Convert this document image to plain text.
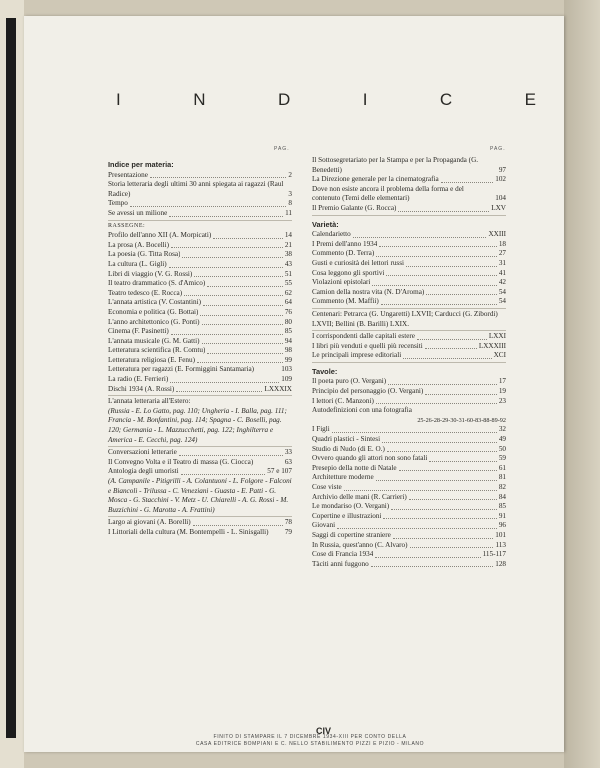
I	N	D	I	C	E
PAG.	PAG.
Indice per materia:
Presentazione	2
Storia letteraria degli ultimi 30 anni spiegata ai ragazzi (Raul Radice)	3
Tempo	8
Se avessi un milione	11
RASSEGNE:
Profilo dell'anno XII (A. Morpicati)	14
La prosa (A. Bocelli)	21
La poesia (G. Titta Rosa)	38
La cultura (L. Gigli)	43
Libri di viaggio (V. G. Rossi)	51
Il teatro drammatico (S. d'Amico)	55
Teatro tedesco (E. Rocca)	62
L'annata artistica (V. Costantini)	64
Economia e politica (G. Bottai)	76
L'anno architettonico (G. Ponti)	80
Cinema (F. Pasinetti)	85
L'annata musicale (G. M. Gatti)	94
Letteratura scientifica (R. Comtu)	98
Letteratura religiosa (E. Fenu)	99
Letteratura per ragazzi (E. Formiggini Santamaria)	103
La radio (E. Ferrieri)	109
Dischi 1934 (A. Rossi)	LXXXIX
L'annata letteraria all'Estero:
(Russia - E. Lo Gatto, pag. 110; Ungheria - I. Balla, pag. 111; Francia - M. Bonfantini, pag. 114; Spagna - C. Boselli, pag. 120; Germania - L. Mazzucchetti, pag. 122; Inghilterra e America - E. Cecchi, pag. 124)
Conversazioni letterarie	33
Il Convegno Volta e il Teatro di massa (G. Ciocca)	63
Antologia degli umoristi	57 e 107
(A. Campanile - Pitigrilli - A. Colantuoni - L. Folgore - Falconi e Biancoli - Trilussa - C. Veneziani - Guasta - E. Patti - G. Mosca - G. Stacchini - V. Metz - U. Chiarelli - A. G. Rossi - M. Buzzichini - G. Marotta - A. Frattini)
Largo ai giovani (A. Borelli)	78
I Littoriali della cultura (M. Bontempelli - L. Sinisgalli)	79
Il Sottosegretariato per la Stampa e per la Propaganda (G. Benedetti)	97
La Direzione generale per la cinematografia	102
Dove non esiste ancora il problema della forma e del contenuto (Temi delle elementari)	104
Il Premio Galante (G. Rocca)	LXV
Varietà:
Calendarietto	XXIII
I Premi dell'anno 1934	18
Commento (D. Terra)	27
Gusti e curiosità dei lettori russi	31
Cosa leggono gli sportivi	41
Violazioni epistolari	42
Camion della nostra vita (N. D'Aroma)	54
Commento (M. Maffii)	54
Centenari: Petrarca (G. Ungaretti) LXVII; Carducci (G. Zibordi) LXVII; Bellini (B. Barilli) LXIX.
I corrispondenti dalle capitali estere	LXXI
I libri più venduti e quelli più recensiti	LXXXIII
Le principali imprese editoriali	XCI
Tavole:
Il poeta puro (O. Vergani)	17
Principio del personaggio (O. Vergani)	19
I lettori (C. Manzoni)	23
Autodefinizioni con una fotografia
25-26-28-29-30-31-60-83-88-89-92
I Figli	32
Quadri plastici - Sintesi	49
Studio di Nudo (di E. O.)	50
Ovvero quando gli attori non sono fatali	59
Presepio della notte di Natale	61
Architetture moderne	81
Cose viste	82
Archivio delle mani (R. Carrieri)	84
Le mondariso (O. Vergani)	85
Copertine e illustrazioni	91
Giovani	96
Saggi di copertine straniere	101
In Russia, quest'anno (C. Alvaro)	113
Cose di Francia 1934	115-117
Tàciti anni fuggono	128
CIV
FINITO DI STAMPARE IL 7 DICEMBRE 1934-XIII PER CONTO DELLA
CASA EDITRICE BOMPIANI E C. NELLO STABILIMENTO PIZZI E PIZIO - MILANO
